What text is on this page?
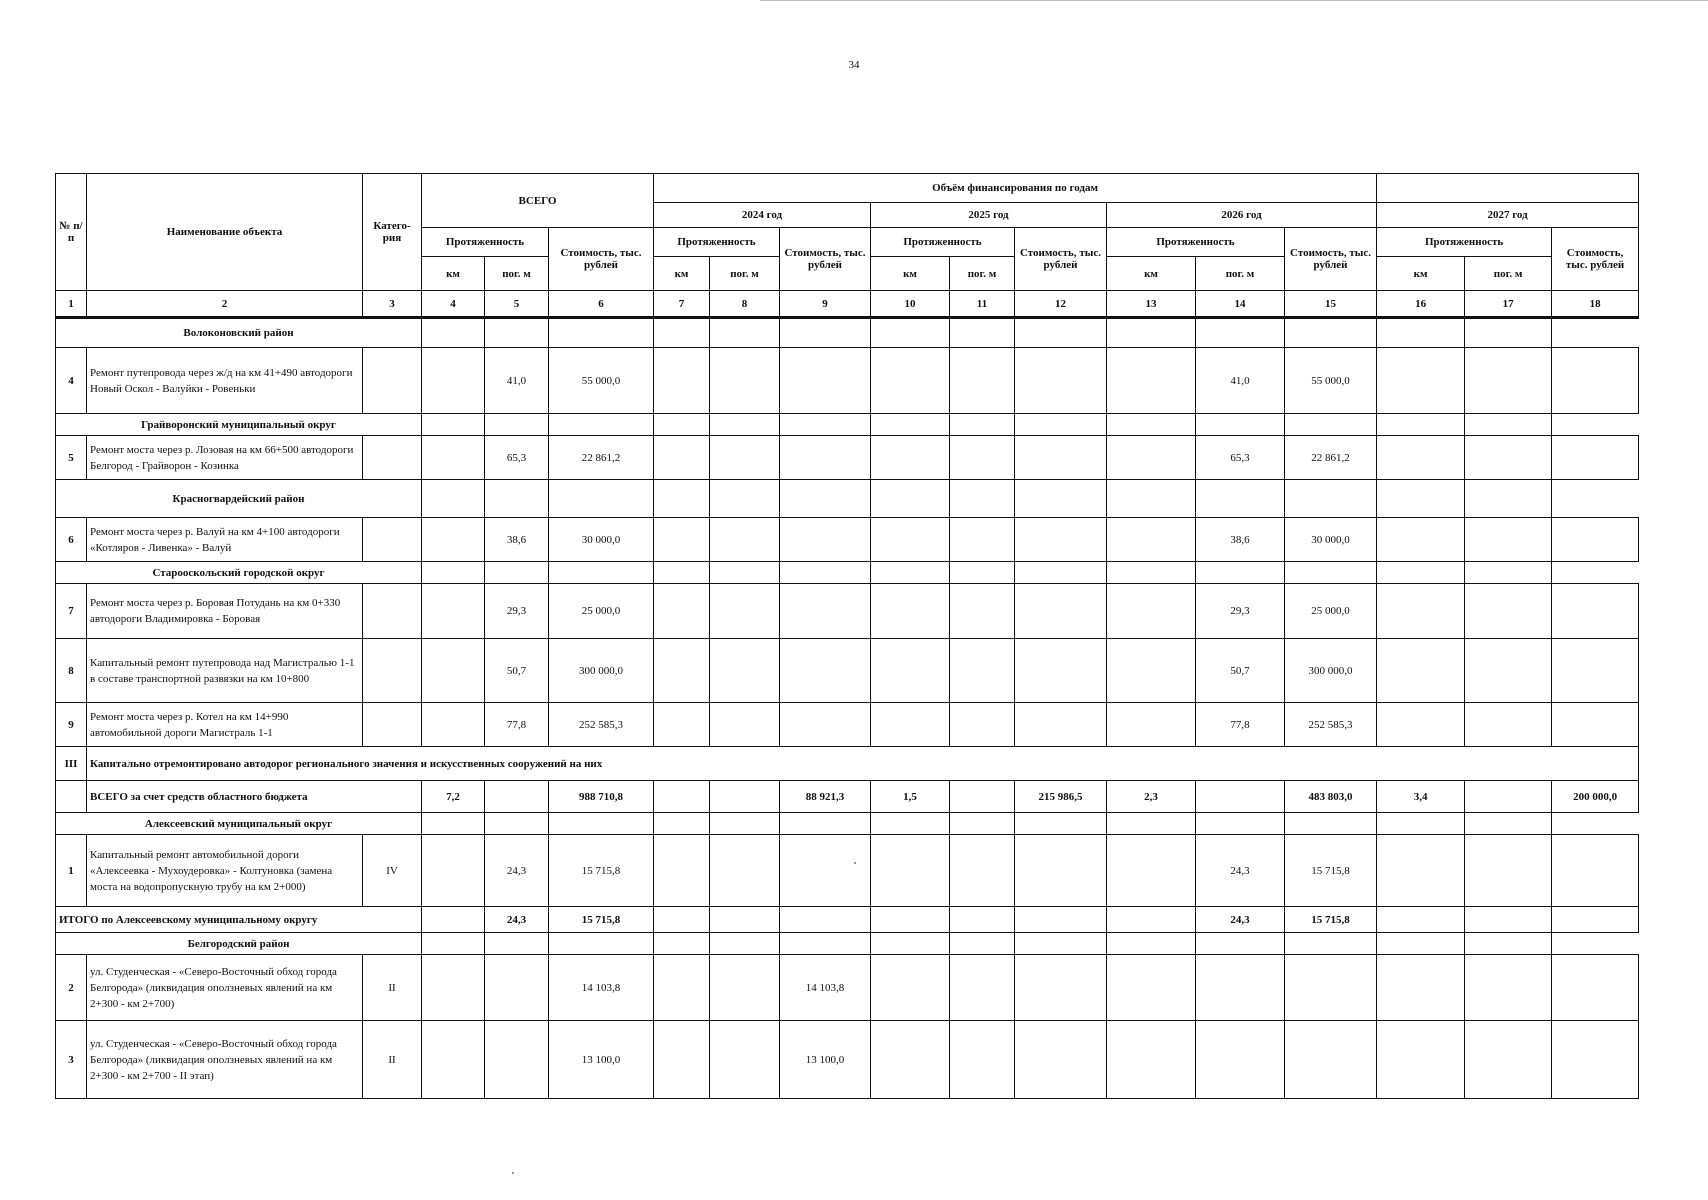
34
№ п/п	Наименование объекта	Катего-рия	ВСЕГО			Объём финансирования по годам											
						2024 год			2025 год			2026 год			2027 год		
			Протяженность		Стоимость, тыс. рублей	Протяженность		Стоимость, тыс. рублей	Протяженность		Стоимость, тыс. рублей	Протяженность		Стоимость, тыс. рублей	Протяженность		Стоимость, тыс. рублей
			км	пог. м		км	пог. м		км	пог. м		км	пог. м		км	пог. м	
1	2	3	4	5	6	7	8	9	10	11	12	13	14	15	16	17	18
Волоконовский район																	
4	Ремонт путепровода через ж/д на км 41+490 автодороги Новый Оскол - Валуйки - Ровеньки			41,0	55 000,0								41,0	55 000,0			
Грайворонский муниципальный округ																	
5	Ремонт моста через р. Лозовая на км 66+500 автодороги Белгород - Грайворон - Козинка			65,3	22 861,2								65,3	22 861,2			
Красногвардейский район																	
6	Ремонт моста через р. Валуй на км 4+100 автодороги «Котляров - Ливенка» - Валуй			38,6	30 000,0								38,6	30 000,0			
Старооскольский городской округ																	
7	Ремонт моста через р. Боровая Потудань на км 0+330 автодороги Владимировка - Боровая			29,3	25 000,0								29,3	25 000,0			
8	Капитальный ремонт путепровода над Магистралью 1-1 в составе транспортной развязки на км 10+800			50,7	300 000,0								50,7	300 000,0			
9	Ремонт моста через р. Котел на км 14+990 автомобильной дороги Магистраль 1-1			77,8	252 585,3								77,8	252 585,3			
III	Капитально отремонтировано автодорог регионального значения и искусственных сооружений на них																
	ВСЕГО за счет средств областного бюджета		7,2		988 710,8			88 921,3	1,5		215 986,5	2,3		483 803,0	3,4		200 000,0
Алексеевский муниципальный округ																	
1	Капитальный ремонт автомобильной дороги «Алексеевка - Мухоудеровка» - Колтуновка (замена моста на водопропускную трубу на км 2+000)	IV		24,3	15 715,8								24,3	15 715,8			
ИТОГО по Алексеевскому муниципальному округу				24,3	15 715,8								24,3	15 715,8			
Белгородский район																	
2	ул. Студенческая - «Северо-Восточный обход города Белгорода» (ликвидация оползневых явлений на км 2+300 - км 2+700)	II			14 103,8			14 103,8									
3	ул. Студенческая - «Северо-Восточный обход города Белгорода» (ликвидация оползневых явлений на км 2+300 - км 2+700 - II этап)	II			13 100,0			13 100,0									
